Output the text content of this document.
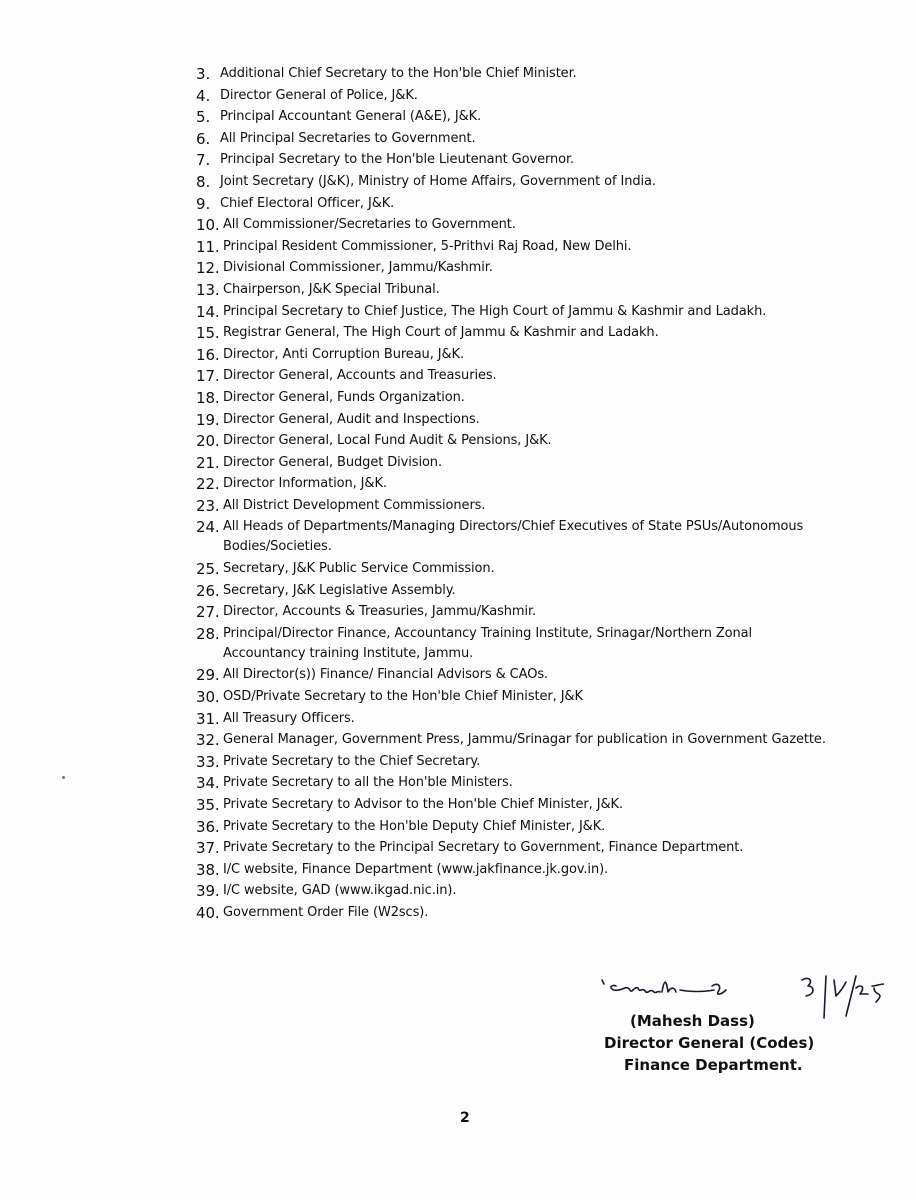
3. Additional Chief Secretary to the Hon'ble Chief Minister.
4. Director General of Police, J&K.
5. Principal Accountant General (A&E), J&K.
6. All Principal Secretaries to Government.
7. Principal Secretary to the Hon'ble Lieutenant Governor.
8. Joint Secretary (J&K), Ministry of Home Affairs, Government of India.
9. Chief Electoral Officer, J&K.
10. All Commissioner/Secretaries to Government.
11. Principal Resident Commissioner, 5-Prithvi Raj Road, New Delhi.
12. Divisional Commissioner, Jammu/Kashmir.
13. Chairperson, J&K Special Tribunal.
14. Principal Secretary to Chief Justice, The High Court of Jammu & Kashmir and Ladakh.
15. Registrar General, The High Court of Jammu & Kashmir and Ladakh.
16. Director, Anti Corruption Bureau, J&K.
17. Director General, Accounts and Treasuries.
18. Director General, Funds Organization.
19. Director General, Audit and Inspections.
20. Director General, Local Fund Audit & Pensions, J&K.
21. Director General, Budget Division.
22. Director Information, J&K.
23. All District Development Commissioners.
24. All Heads of Departments/Managing Directors/Chief Executives of State PSUs/Autonomous Bodies/Societies.
25. Secretary, J&K Public Service Commission.
26. Secretary, J&K Legislative Assembly.
27. Director, Accounts & Treasuries, Jammu/Kashmir.
28. Principal/Director Finance, Accountancy Training Institute, Srinagar/Northern Zonal Accountancy training Institute, Jammu.
29. All Director(s)) Finance/ Financial Advisors & CAOs.
30. OSD/Private Secretary to the Hon'ble Chief Minister, J&K
31. All Treasury Officers.
32. General Manager, Government Press, Jammu/Srinagar for publication in Government Gazette.
33. Private Secretary to the Chief Secretary.
34. Private Secretary to all the Hon'ble Ministers.
35. Private Secretary to Advisor to the Hon'ble Chief Minister, J&K.
36. Private Secretary to the Hon'ble Deputy Chief Minister, J&K.
37. Private Secretary to the Principal Secretary to Government, Finance Department.
38. I/C website, Finance Department (www.jakfinance.jk.gov.in).
39. I/C website, GAD (www.ikgad.nic.in).
40. Government Order File (W2scs).
(Mahesh Dass)
Director General (Codes)
Finance Department.
2
